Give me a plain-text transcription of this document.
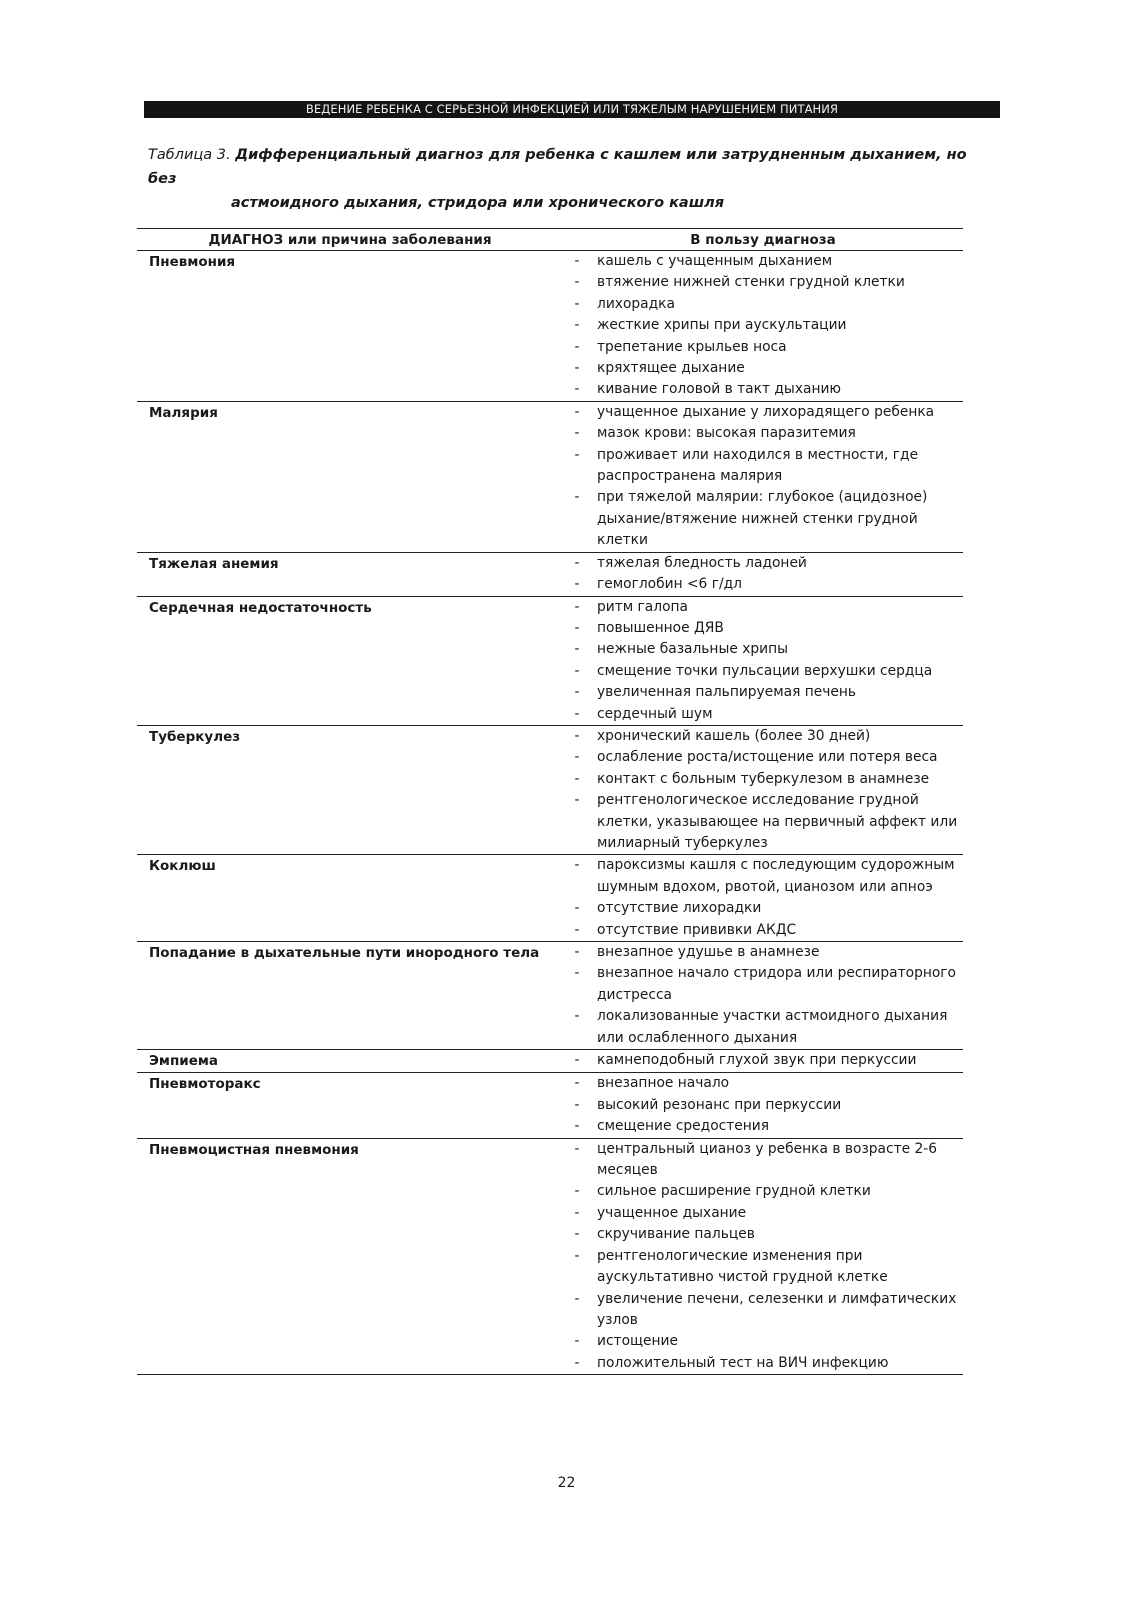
ВЕДЕНИЕ РЕБЕНКА С СЕРЬЕЗНОЙ ИНФЕКЦИЕЙ ИЛИ ТЯЖЕЛЫМ НАРУШЕНИЕМ ПИТАНИЯ
Таблица 3. Дифференциальный диагноз для ребенка с кашлем или затрудненным дыханием, но без
астмоидного дыхания, стридора или хронического кашля
ДИАГНОЗ или причина заболевания	В пользу диагноза
Пневмония	-	кашель с учащенным дыханием
-	втяжение нижней стенки грудной клетки
-	лихорадка
-	жесткие хрипы при аускультации
-	трепетание крыльев носа
-	кряхтящее дыхание
-	кивание головой в такт дыханию
Малярия	-	учащенное дыхание у лихорадящего ребенка
-	мазок крови: высокая паразитемия
-	проживает или находился в местности, где распространена малярия
-	при тяжелой малярии: глубокое (ацидозное) дыхание/втяжение нижней стенки грудной клетки
Тяжелая анемия	-	тяжелая бледность ладоней
-	гемоглобин <6 г/дл
Сердечная недостаточность	-	ритм галопа
-	повышенное ДЯВ
-	нежные базальные хрипы
-	смещение точки пульсации верхушки сердца
-	увеличенная пальпируемая печень
-	сердечный шум
Туберкулез	-	хронический кашель (более 30 дней)
-	ослабление роста/истощение или потеря веса
-	контакт с больным туберкулезом в анамнезе
-	рентгенологическое исследование грудной клетки, указывающее на первичный аффект или милиарный туберкулез
Коклюш	-	пароксизмы кашля с последующим судорожным шумным вдохом, рвотой, цианозом или апноэ
-	отсутствие лихорадки
-	отсутствие прививки АКДС
Попадание в дыхательные пути инородного тела	-	внезапное удушье в анамнезе
-	внезапное начало стридора или респираторного дистресса
-	локализованные участки астмоидного дыхания или ослабленного дыхания
Эмпиема	-	камнеподобный глухой звук при перкуссии
Пневмоторакс	-	внезапное начало
-	высокий резонанс при перкуссии
-	смещение средостения
Пневмоцистная пневмония	-	центральный цианоз у ребенка в возрасте 2-6 месяцев
-	сильное расширение грудной клетки
-	учащенное дыхание
-	скручивание пальцев
-	рентгенологические изменения при аускультативно чистой грудной клетке
-	увеличение печени, селезенки и лимфатических узлов
-	истощение
-	положительный тест на ВИЧ инфекцию
22
